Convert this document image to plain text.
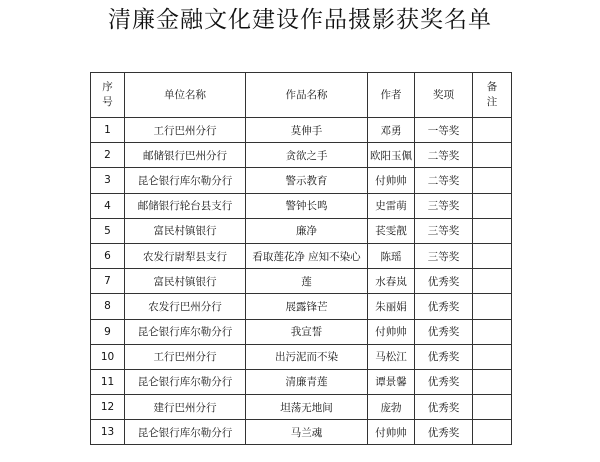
清廉金融文化建设作品摄影获奖名单
序号	单位名称	作品名称	作者	奖项	备注
1	工行巴州分行	莫伸手	邓勇	一等奖	
2	邮储银行巴州分行	贪欲之手	欧阳玉佩	二等奖	
3	昆仑银行库尔勒分行	警示教育	付帅帅	二等奖	
4	邮储银行轮台县支行	警钟长鸣	史雷萌	三等奖	
5	富民村镇银行	廉净	苌雯靓	三等奖	
6	农发行尉犁县支行	看取莲花净 应知不染心	陈瑶	三等奖	
7	富民村镇银行	莲	水春岚	优秀奖	
8	农发行巴州分行	展露锋芒	朱丽娟	优秀奖	
9	昆仑银行库尔勒分行	我宣誓	付帅帅	优秀奖	
10	工行巴州分行	出污泥而不染	马松江	优秀奖	
11	昆仑银行库尔勒分行	清廉青莲	谭景馨	优秀奖	
12	建行巴州分行	坦荡无地间	庞勃	优秀奖	
13	昆仑银行库尔勒分行	马兰魂	付帅帅	优秀奖	
